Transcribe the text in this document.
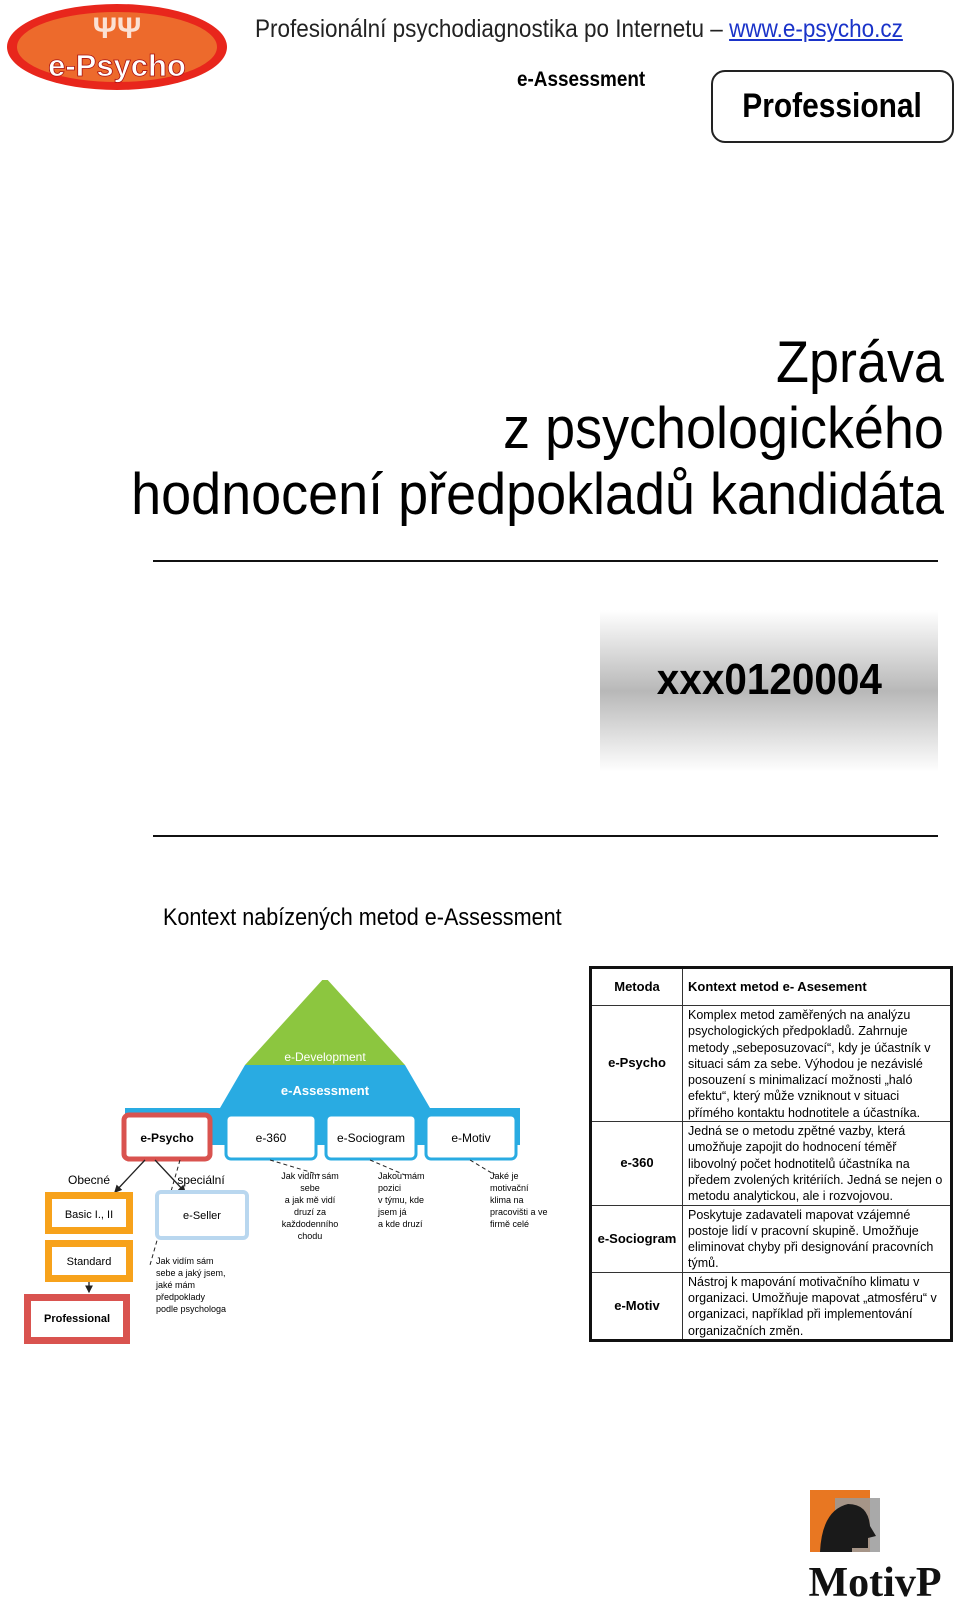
ΨΨ
e-Psycho
Profesionální psychodiagnostika po Internetu – www.e-psycho.cz
e-Assessment
Professional
Zpráva
z psychologického
hodnocení předpokladů kandidáta
xxx0120004
Kontext nabízených metod e-Assessment
e-Development
e-Assessment
e-Psycho	e-360	e-Sociogram	e-Motiv
Obecné	speciální
Basic I., II
Standard
Professional
e-Seller
Jak vidím sám
sebe a jaký jsem,
jaké mám
předpoklady
podle psychologa
Jak vidím sám
sebe
a jak mě vidí
druzí za
každodenního
chodu
Jakou mám
pozici
v týmu, kde
jsem já
a kde druzí
Jaké je
motivační
klima na
pracovišti a ve
firmě celé
Metoda	Kontext metod e- Asesement
e-Psycho	Komplex metod zaměřených na analýzu psychologických předpokladů. Zahrnuje metody „sebeposuzovací“, kdy je účastník v situaci sám za sebe. Výhodou je nezávislé posouzení s minimalizací možnosti „haló efektu“, který může vzniknout v situaci přímého kontaktu hodnotitele a účastníka.
e-360	Jedná se o metodu zpětné vazby, která umožňuje zapojit do hodnocení téměř libovolný počet hodnotitelů účastníka na předem zvolených kritériích. Jedná se nejen o metodu analytickou, ale i rozvojovou.
e-Sociogram	Poskytuje zadavateli mapovat vzájemné postoje lidí v pracovní skupině. Umožňuje eliminovat chyby při designování pracovních týmů.
e-Motiv	Nástroj k mapování motivačního klimatu v organizaci. Umožňuje mapovat „atmosféru“ v organizaci, například při implementování organizačních změn.
MotivP
